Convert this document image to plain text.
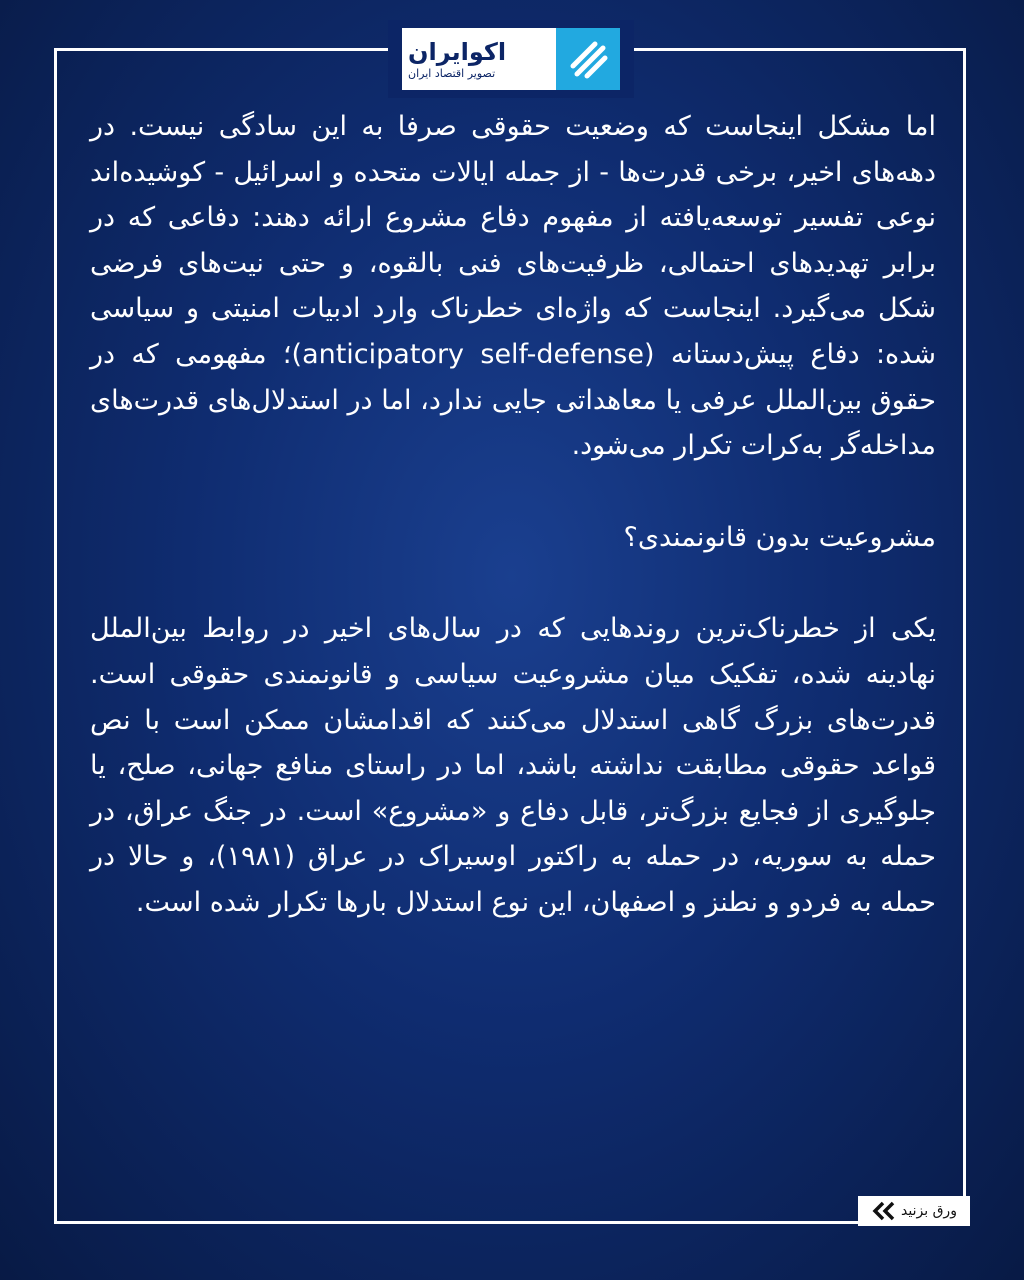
اکوایران
تصویر اقتصاد ایران

اما مشکل اینجاست که وضعیت حقوقی صرفا به این سادگی نیست. در دهه‌های اخیر، برخی قدرت‌ها - از جمله ایالات متحده و اسرائیل - کوشیده‌اند نوعی تفسیر توسعه‌یافته از مفهوم دفاع مشروع ارائه دهند: دفاعی که در برابر تهدیدهای احتمالی، ظرفیت‌های فنی بالقوه، و حتی نیت‌های فرضی شکل می‌گیرد. اینجاست که واژه‌ای خطرناک وارد ادبیات امنیتی و سیاسی شده: دفاع پیش‌دستانه (anticipatory self-defense)؛ مفهومی که در حقوق بین‌الملل عرفی یا معاهداتی جایی ندارد، اما در استدلال‌های قدرت‌های مداخله‌گر به‌کرات تکرار می‌شود.

مشروعیت بدون قانونمندی؟

یکی از خطرناک‌ترین روندهایی که در سال‌های اخیر در روابط بین‌الملل نهادینه شده، تفکیک میان مشروعیت سیاسی و قانونمندی حقوقی است. قدرت‌های بزرگ گاهی استدلال می‌کنند که اقدامشان ممکن است با نص قواعد حقوقی مطابقت نداشته باشد، اما در راستای منافع جهانی، صلح، یا جلوگیری از فجایع بزرگ‌تر، قابل دفاع و «مشروع» است. در جنگ عراق، در حمله به سوریه، در حمله به راکتور اوسیراک در عراق (۱۹۸۱)، و حالا در حمله به فردو و نطنز و اصفهان، این نوع استدلال بارها تکرار شده است.

ورق بزنید
